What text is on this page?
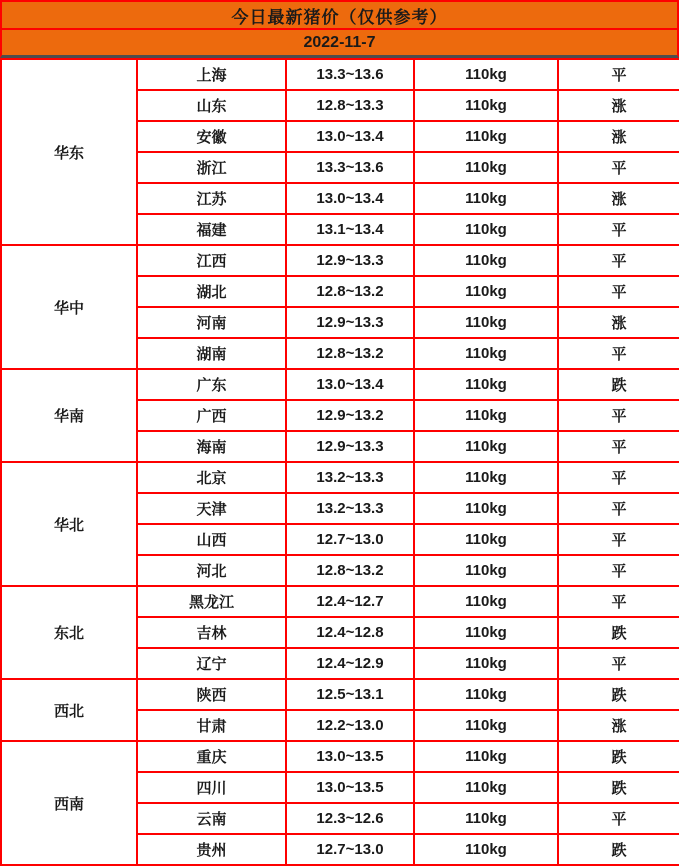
今日最新猪价（仅供参考）
2022-11-7
华东	上海	13.3~13.6	110kg	平
	山东	12.8~13.3	110kg	涨
	安徽	13.0~13.4	110kg	涨
	浙江	13.3~13.6	110kg	平
	江苏	13.0~13.4	110kg	涨
	福建	13.1~13.4	110kg	平
华中	江西	12.9~13.3	110kg	平
	湖北	12.8~13.2	110kg	平
	河南	12.9~13.3	110kg	涨
	湖南	12.8~13.2	110kg	平
华南	广东	13.0~13.4	110kg	跌
	广西	12.9~13.2	110kg	平
	海南	12.9~13.3	110kg	平
华北	北京	13.2~13.3	110kg	平
	天津	13.2~13.3	110kg	平
	山西	12.7~13.0	110kg	平
	河北	12.8~13.2	110kg	平
东北	黑龙江	12.4~12.7	110kg	平
	吉林	12.4~12.8	110kg	跌
	辽宁	12.4~12.9	110kg	平
西北	陕西	12.5~13.1	110kg	跌
	甘肃	12.2~13.0	110kg	涨
西南	重庆	13.0~13.5	110kg	跌
	四川	13.0~13.5	110kg	跌
	云南	12.3~12.6	110kg	平
	贵州	12.7~13.0	110kg	跌
